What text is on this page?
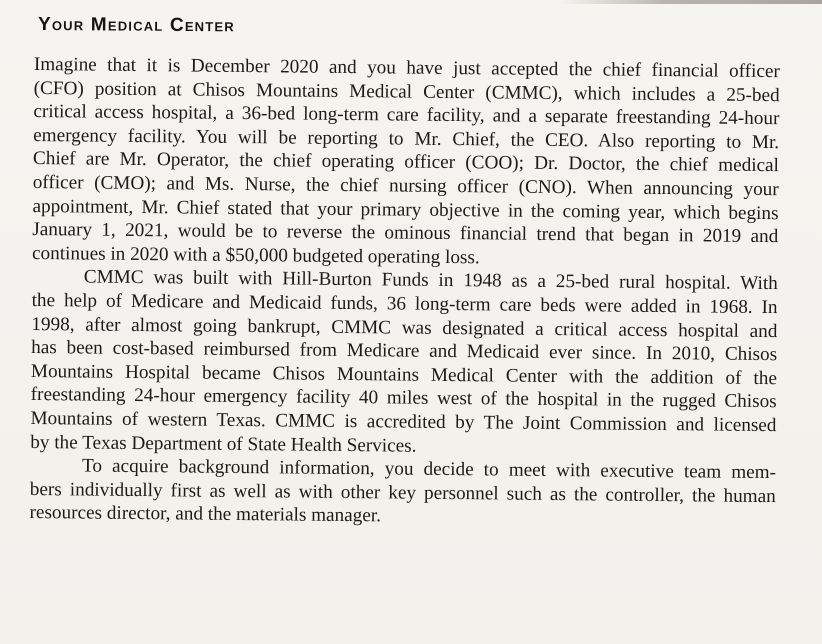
Your Medical Center

Imagine that it is December 2020 and you have just accepted the chief financial officer
(CFO) position at Chisos Mountains Medical Center (CMMC), which includes a 25-bed
critical access hospital, a 36-bed long-term care facility, and a separate freestanding 24-hour
emergency facility. You will be reporting to Mr. Chief, the CEO. Also reporting to Mr.
Chief are Mr. Operator, the chief operating officer (COO); Dr. Doctor, the chief medical
officer (CMO); and Ms. Nurse, the chief nursing officer (CNO). When announcing your
appointment, Mr. Chief stated that your primary objective in the coming year, which begins
January 1, 2021, would be to reverse the ominous financial trend that began in 2019 and
continues in 2020 with a $50,000 budgeted operating loss.

CMMC was built with Hill-Burton Funds in 1948 as a 25-bed rural hospital. With
the help of Medicare and Medicaid funds, 36 long-term care beds were added in 1968. In
1998, after almost going bankrupt, CMMC was designated a critical access hospital and
has been cost-based reimbursed from Medicare and Medicaid ever since. In 2010, Chisos
Mountains Hospital became Chisos Mountains Medical Center with the addition of the
freestanding 24-hour emergency facility 40 miles west of the hospital in the rugged Chisos
Mountains of western Texas. CMMC is accredited by The Joint Commission and licensed
by the Texas Department of State Health Services.

To acquire background information, you decide to meet with executive team mem-
bers individually first as well as with other key personnel such as the controller, the human
resources director, and the materials manager.
